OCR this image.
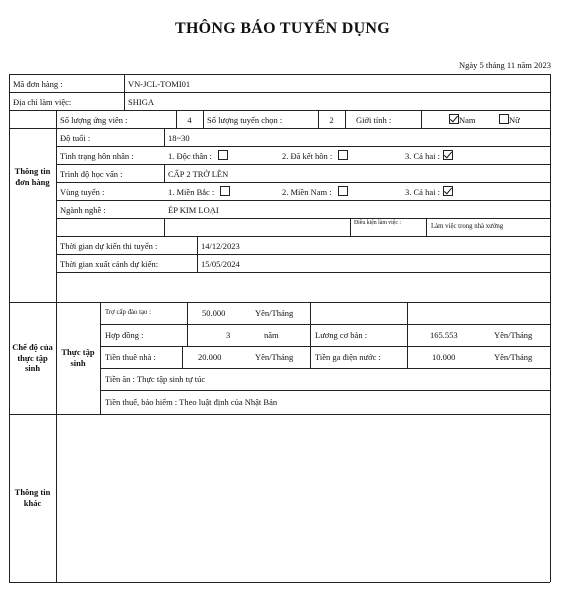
THÔNG BÁO TUYỂN DỤNG
Ngày 5 tháng 11 năm 2023
Mã đơn hàng :	VN-JCL-TOMI01
Địa chỉ làm việc:	SHIGA
Thông tin đơn hàng
Số lượng ứng viên :	4	Số lượng tuyển chọn :	2	Giới tính :	Nam	Nữ
Độ tuổi :	18~30
Tình trạng hôn nhân :	1. Độc thân :	2. Đã kết hôn :	3. Cả hai :
Trình độ học vấn :	CẤP 2 TRỞ LÊN
Vùng tuyển :	1. Miền Bắc :	2. Miền Nam :	3. Cả hai :
Ngành nghề :	ÉP KIM LOẠI
Điều kiện làm việc :	Làm việc trong nhà xưởng
Thời gian dự kiến thi tuyển :	14/12/2023
Thời gian xuất cảnh dự kiến:	15/05/2024
Chế độ của thực tập sinh
Thực tập sinh
Trợ cấp đào tạo :	50.000	Yên/Tháng
Hợp đồng :	3	năm	Lương cơ bản :	165.553	Yên/Tháng
Tiền thuê nhà :	20.000	Yên/Tháng	Tiền ga điện nước :	10.000	Yên/Tháng
Tiền ăn : Thực tập sinh tự túc
Tiền thuế, bảo hiểm : Theo luật định của Nhật Bản
Thông tin khác
